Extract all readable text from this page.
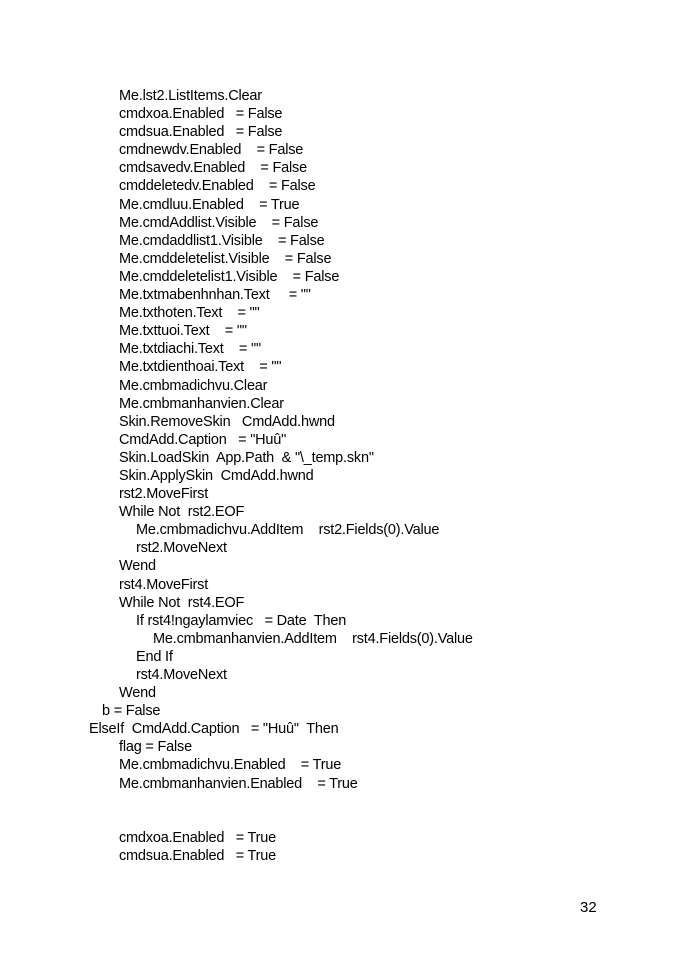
Me.lst2.ListItems.Clear
cmdxoa.Enabled   = False
cmdsua.Enabled   = False
cmdnewdv.Enabled    = False
cmdsavedv.Enabled    = False
cmddeletedv.Enabled    = False
Me.cmdluu.Enabled    = True
Me.cmdAddlist.Visible    = False
Me.cmdaddlist1.Visible    = False
Me.cmddeletelist.Visible    = False
Me.cmddeletelist1.Visible    = False
Me.txtmabenhnhan.Text     = ""
Me.txthoten.Text    = ""
Me.txttuoi.Text    = ""
Me.txtdiachi.Text    = ""
Me.txtdienthoai.Text    = ""
Me.cmbmadichvu.Clear
Me.cmbmanhanvien.Clear
Skin.RemoveSkin   CmdAdd.hwnd
CmdAdd.Caption   = "Huû"
Skin.LoadSkin  App.Path  & "\_temp.skn"
Skin.ApplySkin  CmdAdd.hwnd
rst2.MoveFirst
While Not  rst2.EOF
Me.cmbmadichvu.AddItem    rst2.Fields(0).Value
rst2.MoveNext
Wend
rst4.MoveFirst
While Not  rst4.EOF
If rst4!ngaylamviec   = Date  Then
Me.cmbmanhanvien.AddItem    rst4.Fields(0).Value
End If
rst4.MoveNext
Wend
b = False
ElseIf  CmdAdd.Caption   = "Huû"  Then
flag = False
Me.cmbmadichvu.Enabled    = True
Me.cmbmanhanvien.Enabled    = True
cmdxoa.Enabled   = True
cmdsua.Enabled   = True
32
